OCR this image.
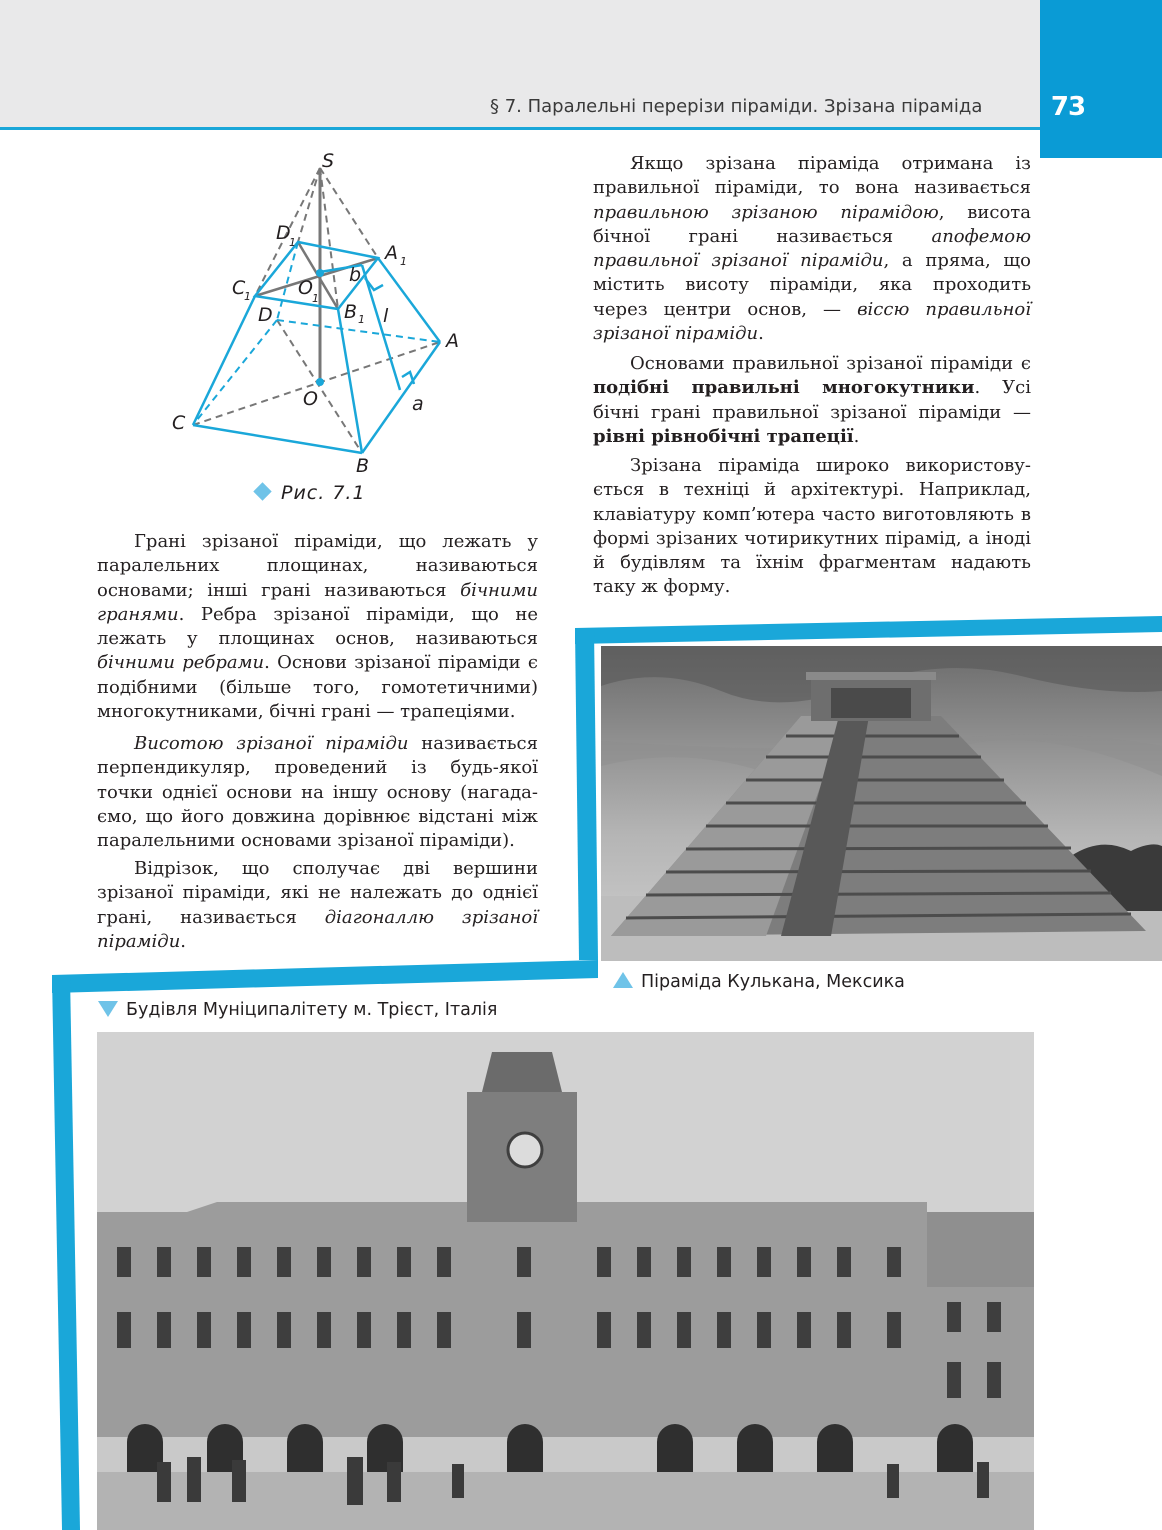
73
§ 7. Паралельні перерізи піраміди. Зрізана піраміда
S
D
1	A 1
C
1 O 1
b
B 1 l
D
A
C
O	a
B
Рис. 7.1

Якщо зрізана піраміда отримана із правильної піраміди, то вона називається правильною зрізаною пірамідою, висота бічної грані називається апофемою правильної зрізаної піраміди, а пряма, що містить висоту піраміди, яка проходить через центри основ, — віссю правильної зрізаної піраміди.

Основами правильної зрізаної пірaміди є подібні правильні многокутники. Усі бічні грані правильної зрізаної піраміди — рівні рівнобічні трапеції.

Зрізана піраміда широко використовується в техніці й архітектурі. Наприклад, клавіатуру комп’ютера часто виготовляють в формі зрізаних чотирикутних пірaмід, а іноді й будівлям та їхнім фрагментам надають таку ж форму.

Грані зрізаної піраміди, що лежать у паралельних площинах, називаються основами; інші грані називаються бічними гранями. Ребра зрізаної піраміди, що не лежать у площинах основ, називаються бічними ребрами. Основи зрізаної піраміди є подібними (більше того, гомотетичними) многокутниками, бічні грані — трапеціями.

Висотою зрізаної піраміди називається перпендикуляр, проведений із будь-якої точки однієї основи на іншу основу (нагадаємо, що його довжина дорівнює відстані між паралельними основами зрізаної піраміди).

Відрізок, що сполучає дві вершини зрізаної піраміди, які не належать до однієї грані, називається діагоналлю зрізаної піраміди.

Піраміда Кулькана, Мексика
Будівля Муніципалітету м. Трієст, Італія
